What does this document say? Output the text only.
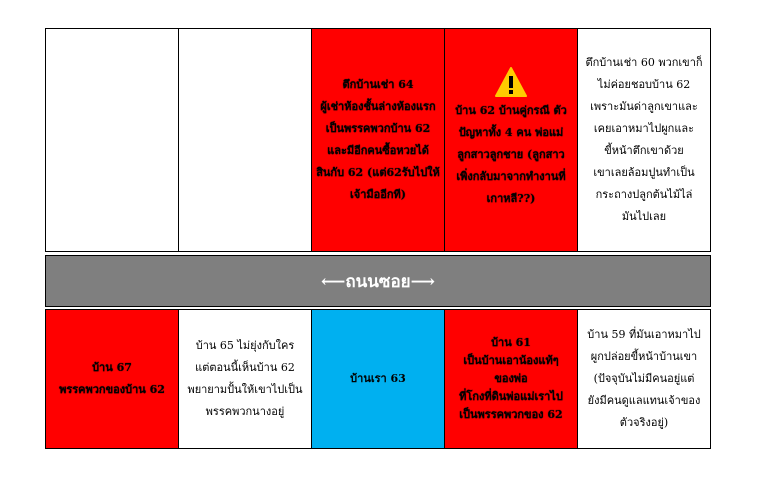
ตึกบ้านเช่า 64
ผู้เช่าห้องชั้นล่างห้องแรก
เป็นพรรคพวกบ้าน 62
และมีอีกคนซื้อหวยได้
สินกับ 62 (แต่62รับไปให้
เจ้ามืออีกที)
บ้าน 62 บ้านคู่กรณี ตัว
ปัญหาทั้ง 4 คน พ่อแม่
ลูกสาวลูกชาย (ลูกสาว
เพิ่งกลับมาจากทำงานที่
เกาหลี??)
ตึกบ้านเช่า 60 พวกเขาก็
ไม่ค่อยชอบบ้าน 62
เพราะมันด่าลูกเขาและ
เคยเอาหมาไปผูกและ
ขี้หน้าตึกเขาด้วย
เขาเลยล้อมปูนทำเป็น
กระถางปลูกต้นไม้ไล่
มันไปเลย
⟵ถนนซอย⟶
บ้าน 67
พรรคพวกของบ้าน 62
บ้าน 65 ไม่ยุ่งกับใคร
แต่ตอนนี้เห็นบ้าน 62
พยายามปั้นให้เขาไปเป็น
พรรคพวกนางอยู่
บ้านเรา 63
บ้าน 61
เป็นบ้านเอาน้องแท้ๆ
ของพ่อ
ที่โกงที่ดินพ่อแม่เราไป
เป็นพรรคพวกของ 62
บ้าน 59 ที่มันเอาหมาไป
ผูกปล่อยขี้หน้าบ้านเขา
(ปัจจุบันไม่มีคนอยู่แต่
ยังมีคนดูแลแทนเจ้าของ
ตัวจริงอยู่)
